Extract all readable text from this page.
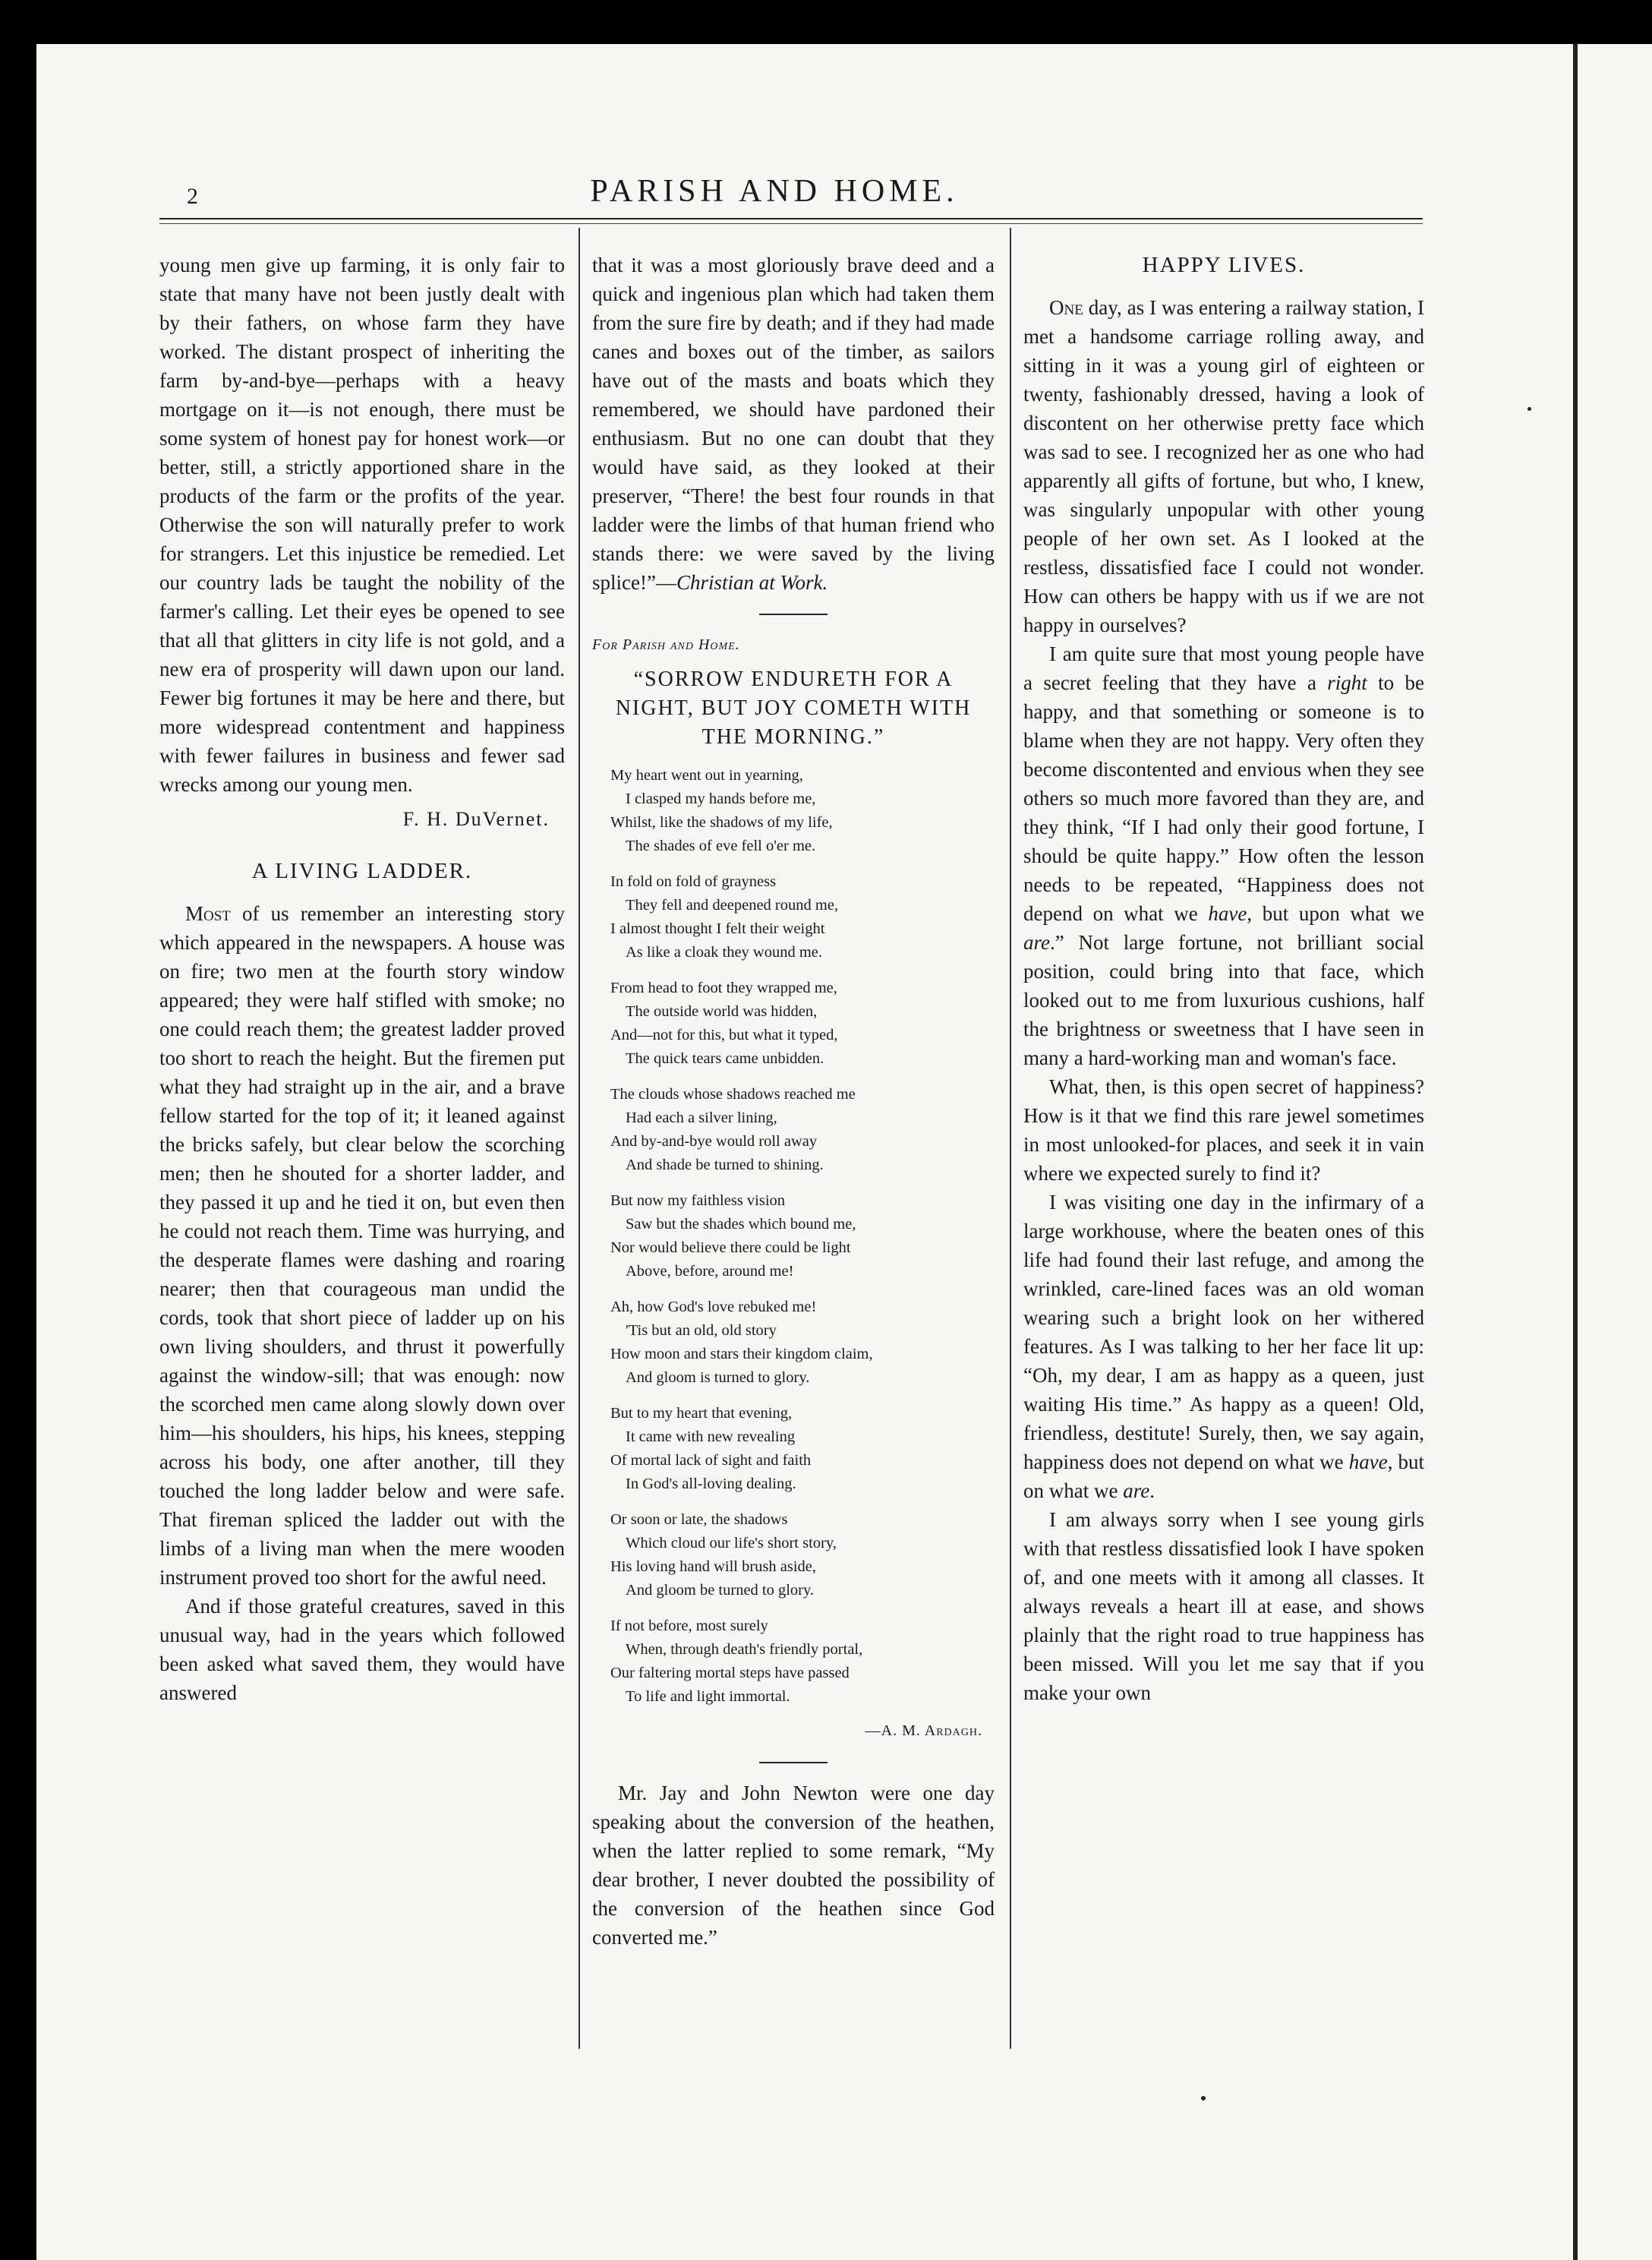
2	PARISH AND HOME.

young men give up farming, it is only fair to state that many have not been justly dealt with by their fathers, on whose farm they have worked. The distant prospect of inheriting the farm by-and-bye—perhaps with a heavy mortgage on it—is not enough, there must be some system of honest pay for honest work—or better, still, a strictly apportioned share in the products of the farm or the profits of the year. Otherwise the son will naturally prefer to work for strangers. Let this injustice be remedied. Let our country lads be taught the nobility of the farmer's calling. Let their eyes be opened to see that all that glitters in city life is not gold, and a new era of prosperity will dawn upon our land. Fewer big fortunes it may be here and there, but more widespread contentment and happiness with fewer failures in business and fewer sad wrecks among our young men.

F. H. DuVernet.
A LIVING LADDER.

Most of us remember an interesting story which appeared in the newspapers. A house was on fire; two men at the fourth story window appeared; they were half stifled with smoke; no one could reach them; the greatest ladder proved too short to reach the height. But the firemen put what they had straight up in the air, and a brave fellow started for the top of it; it leaned against the bricks safely, but clear below the scorching men; then he shouted for a shorter ladder, and they passed it up and he tied it on, but even then he could not reach them. Time was hurrying, and the desperate flames were dashing and roaring nearer; then that courageous man undid the cords, took that short piece of ladder up on his own living shoulders, and thrust it powerfully against the window-sill; that was enough: now the scorched men came along slowly down over him—his shoulders, his hips, his knees, stepping across his body, one after another, till they touched the long ladder below and were safe. That fireman spliced the ladder out with the limbs of a living man when the mere wooden instrument proved too short for the awful need.

And if those grateful creatures, saved in this unusual way, had in the years which followed been asked what saved them, they would have answered

that it was a most gloriously brave deed and a quick and ingenious plan which had taken them from the sure fire by death; and if they had made canes and boxes out of the timber, as sailors have out of the masts and boats which they remembered, we should have pardoned their enthusiasm. But no one can doubt that they would have said, as they looked at their preserver, “There! the best four rounds in that ladder were the limbs of that human friend who stands there: we were saved by the living splice!”—Christian at Work.

For Parish and Home.
“SORROW ENDURETH FOR A NIGHT, BUT JOY COMETH WITH THE MORNING.”
My heart went out in yearning,
I clasped my hands before me,
Whilst, like the shadows of my life,
The shades of eve fell o'er me.
In fold on fold of grayness
They fell and deepened round me,
I almost thought I felt their weight
As like a cloak they wound me.
From head to foot they wrapped me,
The outside world was hidden,
And—not for this, but what it typed,
The quick tears came unbidden.
The clouds whose shadows reached me
Had each a silver lining,
And by-and-bye would roll away
And shade be turned to shining.
But now my faithless vision
Saw but the shades which bound me,
Nor would believe there could be light
Above, before, around me!
Ah, how God's love rebuked me!
'Tis but an old, old story
How moon and stars their kingdom claim,
And gloom is turned to glory.
But to my heart that evening,
It came with new revealing
Of mortal lack of sight and faith
In God's all-loving dealing.
Or soon or late, the shadows
Which cloud our life's short story,
His loving hand will brush aside,
And gloom be turned to glory.
If not before, most surely
When, through death's friendly portal,
Our faltering mortal steps have passed
To life and light immortal.
—A. M. Ardagh.

Mr. Jay and John Newton were one day speaking about the conversion of the heathen, when the latter replied to some remark, “My dear brother, I never doubted the possibility of the conversion of the heathen since God converted me.”

HAPPY LIVES.

One day, as I was entering a railway station, I met a handsome carriage rolling away, and sitting in it was a young girl of eighteen or twenty, fashionably dressed, having a look of discontent on her otherwise pretty face which was sad to see. I recognized her as one who had apparently all gifts of fortune, but who, I knew, was singularly unpopular with other young people of her own set. As I looked at the restless, dissatisfied face I could not wonder. How can others be happy with us if we are not happy in ourselves?

I am quite sure that most young people have a secret feeling that they have a right to be happy, and that something or someone is to blame when they are not happy. Very often they become discontented and envious when they see others so much more favored than they are, and they think, “If I had only their good fortune, I should be quite happy.” How often the lesson needs to be repeated, “Happiness does not depend on what we have, but upon what we are.” Not large fortune, not brilliant social position, could bring into that face, which looked out to me from luxurious cushions, half the brightness or sweetness that I have seen in many a hard-working man and woman's face.

What, then, is this open secret of happiness? How is it that we find this rare jewel sometimes in most unlooked-for places, and seek it in vain where we expected surely to find it?

I was visiting one day in the infirmary of a large workhouse, where the beaten ones of this life had found their last refuge, and among the wrinkled, care-lined faces was an old woman wearing such a bright look on her withered features. As I was talking to her her face lit up: “Oh, my dear, I am as happy as a queen, just waiting His time.” As happy as a queen! Old, friendless, destitute! Surely, then, we say again, happiness does not depend on what we have, but on what we are.

I am always sorry when I see young girls with that restless dissatisfied look I have spoken of, and one meets with it among all classes. It always reveals a heart ill at ease, and shows plainly that the right road to true happiness has been missed. Will you let me say that if you make your own
